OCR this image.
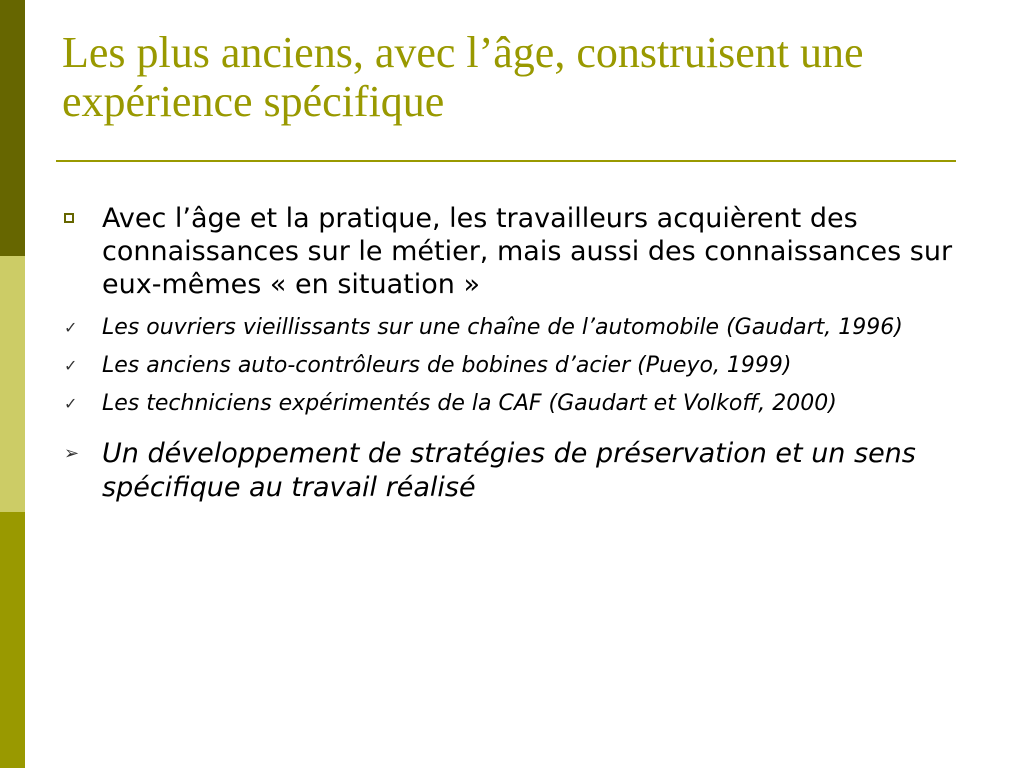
Les plus anciens, avec l’âge, construisent une expérience spécifique
Avec l’âge et la pratique, les travailleurs acquièrent des connaissances sur le métier, mais aussi des connaissances sur eux-mêmes « en situation »
✓ Les ouvriers vieillissants sur une chaîne de l’automobile (Gaudart, 1996)
✓ Les anciens auto-contrôleurs de bobines d’acier (Pueyo, 1999)
✓ Les techniciens expérimentés de la CAF (Gaudart et Volkoff, 2000)
➢ Un développement de stratégies de préservation et un sens spécifique au travail réalisé
